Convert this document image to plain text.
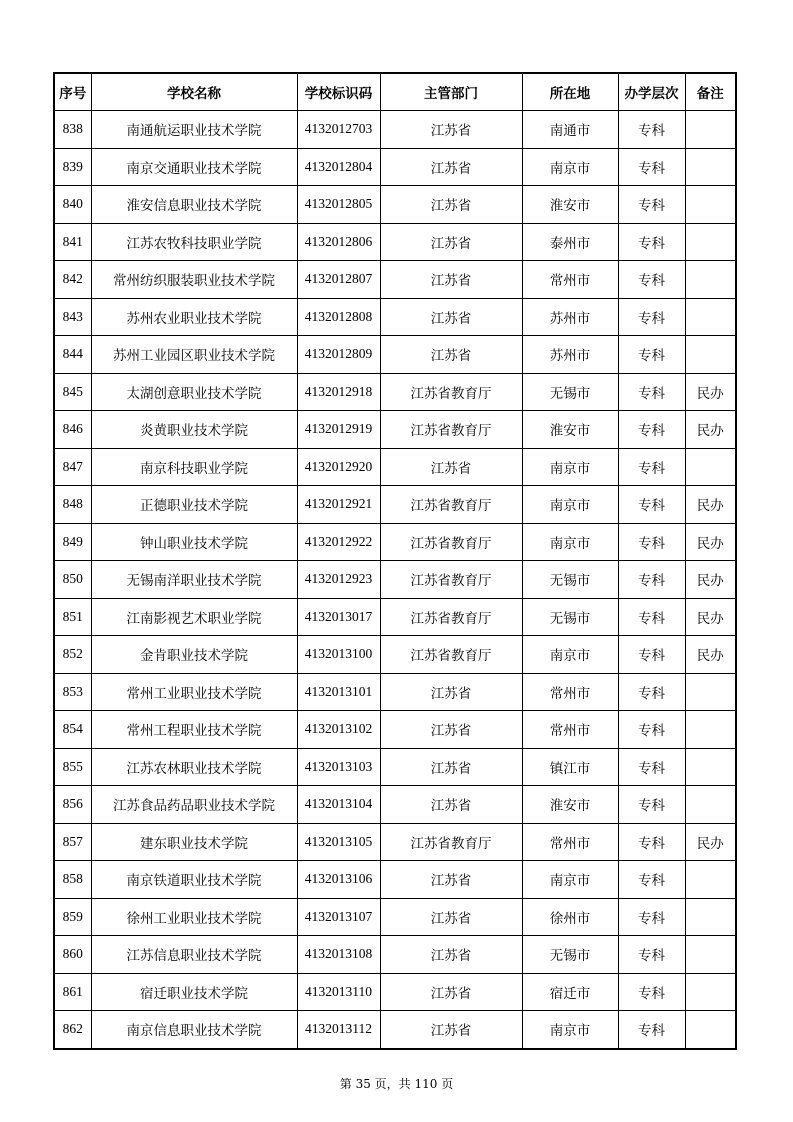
序号	学校名称	学校标识码	主管部门	所在地	办学层次	备注
838	南通航运职业技术学院	4132012703	江苏省	南通市	专科	
839	南京交通职业技术学院	4132012804	江苏省	南京市	专科	
840	淮安信息职业技术学院	4132012805	江苏省	淮安市	专科	
841	江苏农牧科技职业学院	4132012806	江苏省	泰州市	专科	
842	常州纺织服装职业技术学院	4132012807	江苏省	常州市	专科	
843	苏州农业职业技术学院	4132012808	江苏省	苏州市	专科	
844	苏州工业园区职业技术学院	4132012809	江苏省	苏州市	专科	
845	太湖创意职业技术学院	4132012918	江苏省教育厅	无锡市	专科	民办
846	炎黄职业技术学院	4132012919	江苏省教育厅	淮安市	专科	民办
847	南京科技职业学院	4132012920	江苏省	南京市	专科	
848	正德职业技术学院	4132012921	江苏省教育厅	南京市	专科	民办
849	钟山职业技术学院	4132012922	江苏省教育厅	南京市	专科	民办
850	无锡南洋职业技术学院	4132012923	江苏省教育厅	无锡市	专科	民办
851	江南影视艺术职业学院	4132013017	江苏省教育厅	无锡市	专科	民办
852	金肯职业技术学院	4132013100	江苏省教育厅	南京市	专科	民办
853	常州工业职业技术学院	4132013101	江苏省	常州市	专科	
854	常州工程职业技术学院	4132013102	江苏省	常州市	专科	
855	江苏农林职业技术学院	4132013103	江苏省	镇江市	专科	
856	江苏食品药品职业技术学院	4132013104	江苏省	淮安市	专科	
857	建东职业技术学院	4132013105	江苏省教育厅	常州市	专科	民办
858	南京铁道职业技术学院	4132013106	江苏省	南京市	专科	
859	徐州工业职业技术学院	4132013107	江苏省	徐州市	专科	
860	江苏信息职业技术学院	4132013108	江苏省	无锡市	专科	
861	宿迁职业技术学院	4132013110	江苏省	宿迁市	专科	
862	南京信息职业技术学院	4132013112	江苏省	南京市	专科	
第 35 页，共 110 页
